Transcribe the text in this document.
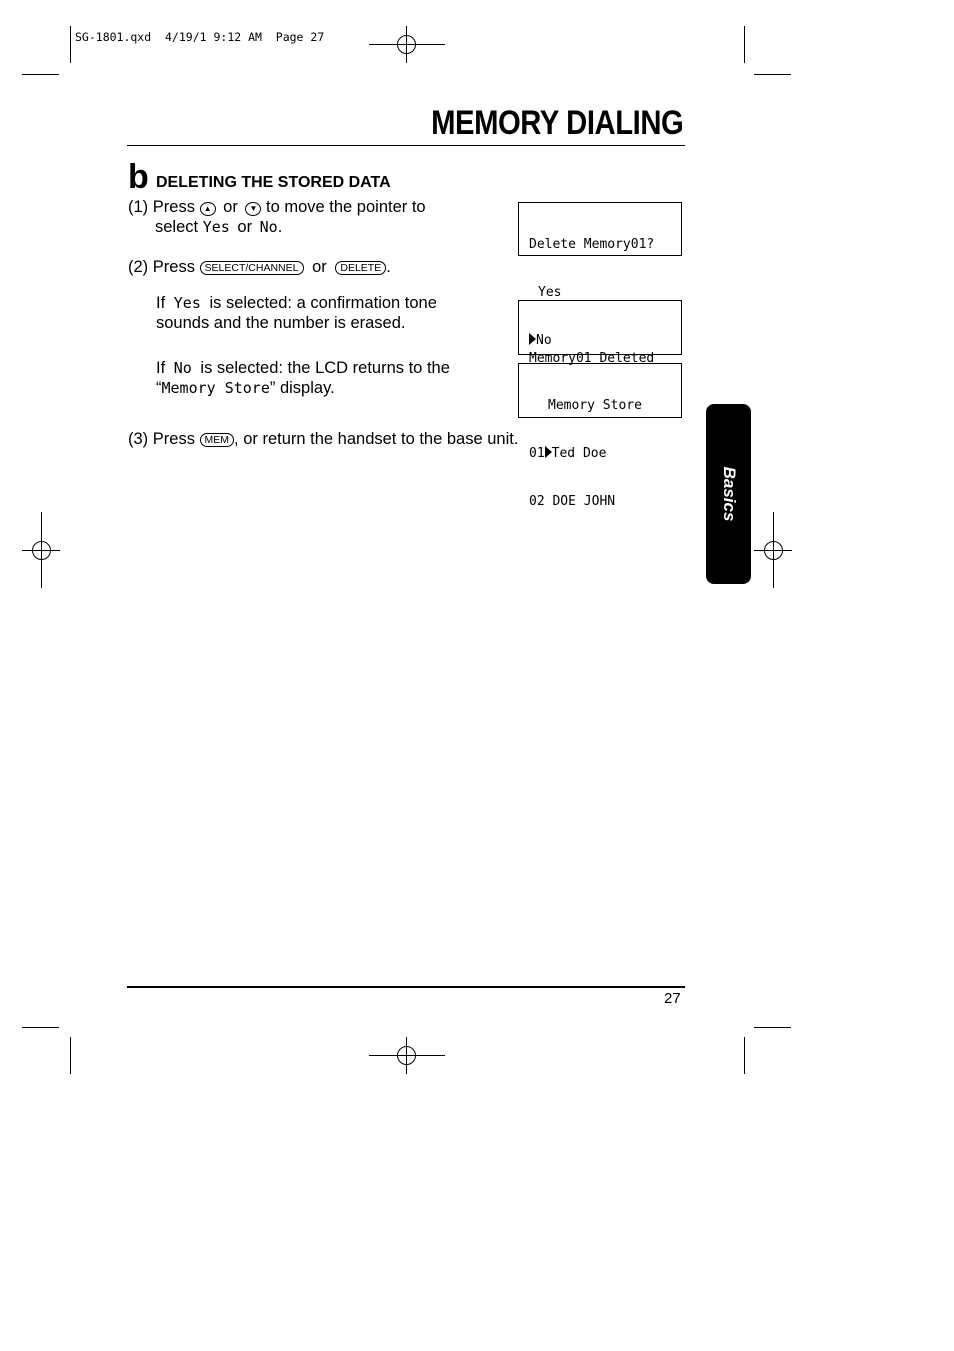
SG-1801.qxd  4/19/1 9:12 AM  Page 27
MEMORY DIALING
b DELETING THE STORED DATA
(1) Press ▲ or ▼ to move the pointer to
select Yes or No.
(2) Press SELECT/CHANNEL or DELETE .
If Yes is selected: a confirmation tone
sounds and the number is erased.
If No is selected: the LCD returns to the
“Memory Store” display.
(3) Press MEM , or return the handset to the base unit.

Delete Memory01?

Yes

No

Memory01 Deleted

Memory Store

01 Ted Doe

02 DOE JOHN	Basics
27
